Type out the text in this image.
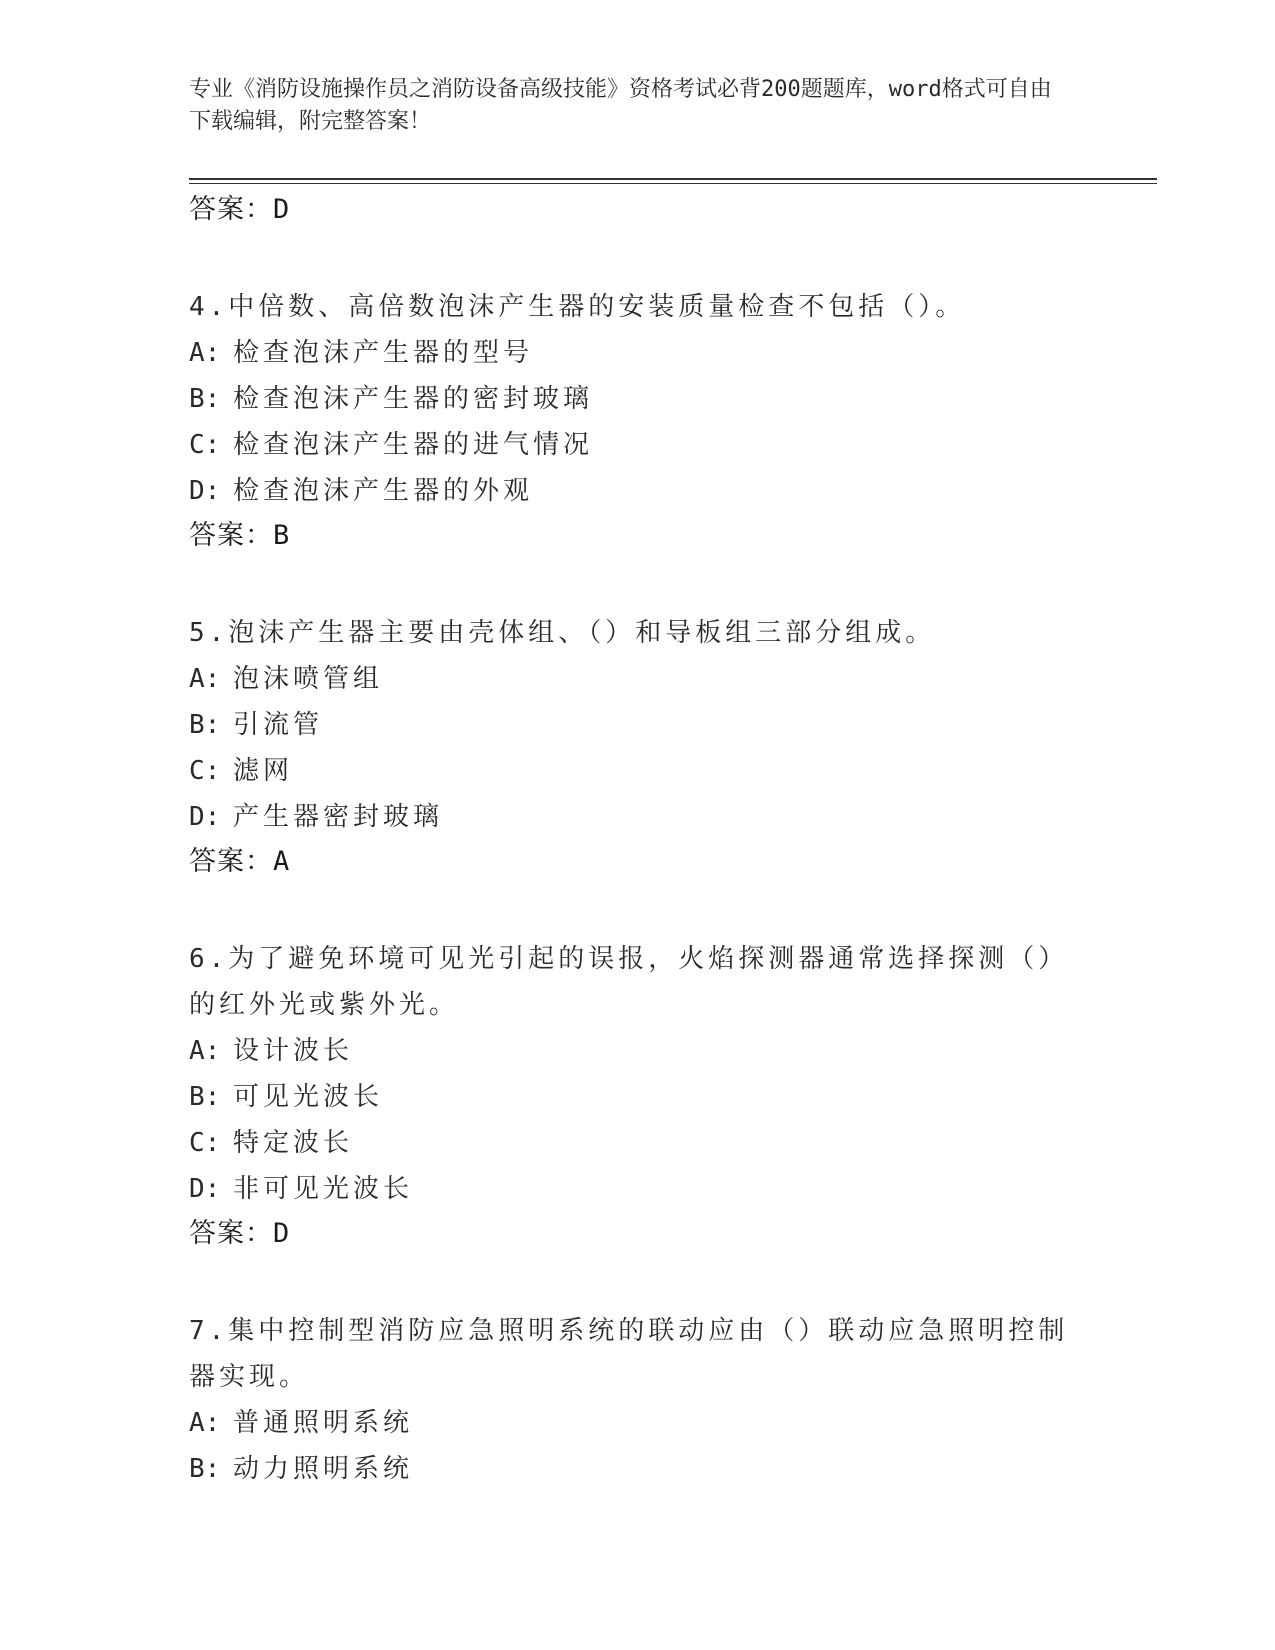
专业《消防设施操作员之消防设备高级技能》资格考试必背200题题库，word格式可自由下载编辑，附完整答案！
答案：D
4.中倍数、高倍数泡沫产生器的安装质量检查不包括（）。
A: 检查泡沫产生器的型号
B: 检查泡沫产生器的密封玻璃
C: 检查泡沫产生器的进气情况
D: 检查泡沫产生器的外观
答案：B
5.泡沫产生器主要由壳体组、（）和导板组三部分组成。
A: 泡沫喷管组
B: 引流管
C: 滤网
D: 产生器密封玻璃
答案：A
6.为了避免环境可见光引起的误报，火焰探测器通常选择探测（）的红外光或紫外光。
A: 设计波长
B: 可见光波长
C: 特定波长
D: 非可见光波长
答案：D
7.集中控制型消防应急照明系统的联动应由（）联动应急照明控制器实现。
A: 普通照明系统
B: 动力照明系统
